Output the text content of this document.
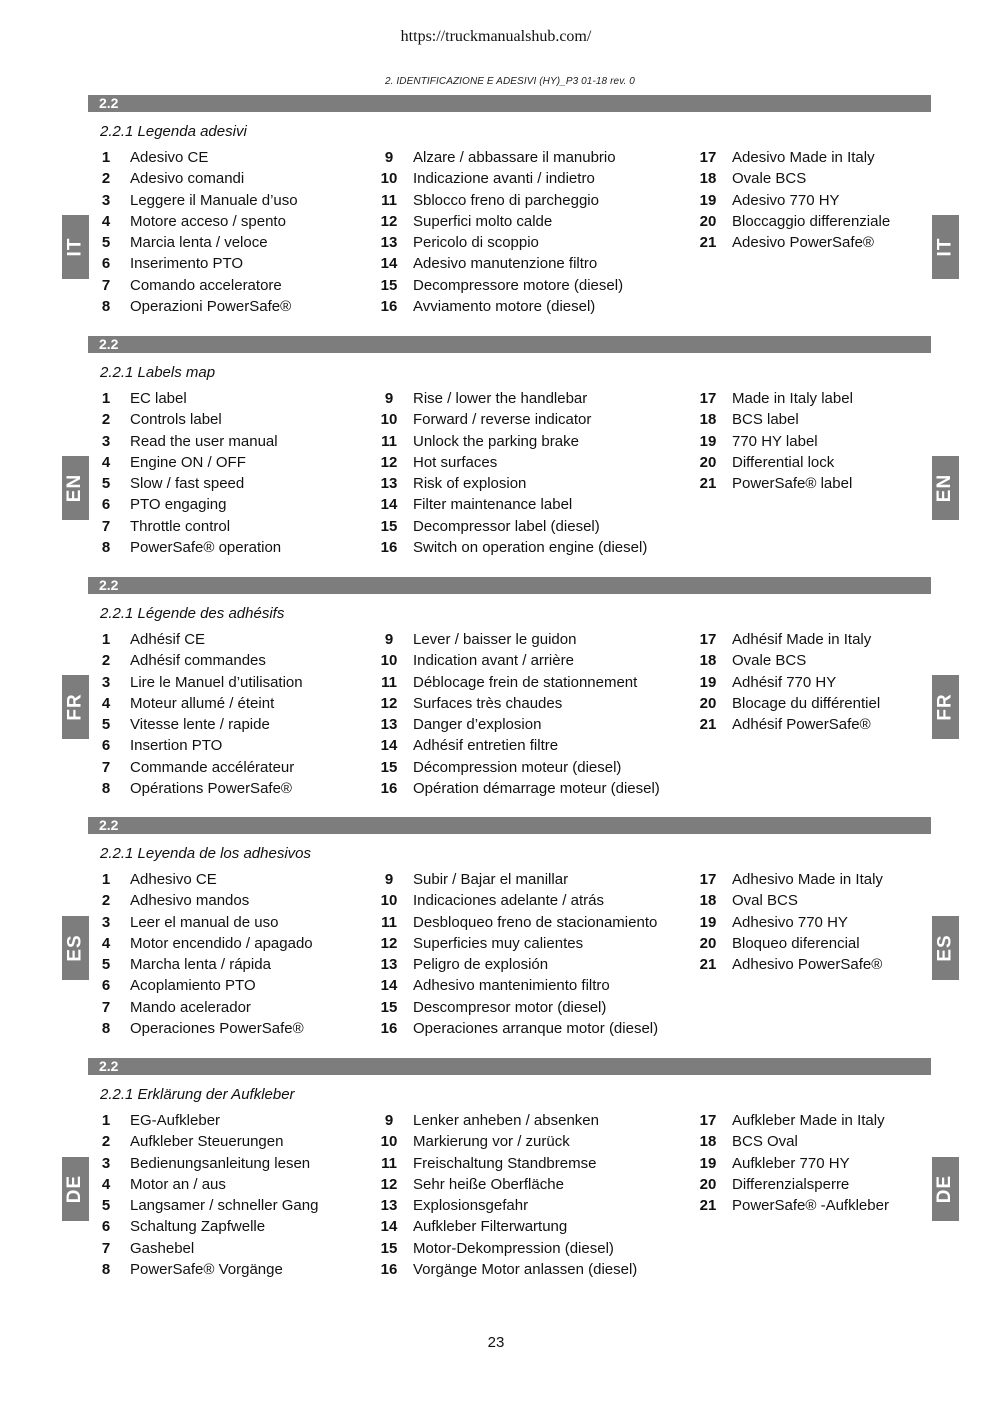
https://truckmanualshub.com/
2. IDENTIFICAZIONE E ADESIVI (HY)_P3 01-18 rev. 0
2.2
2.2.1 Legenda adesivi
1	Adesivo CE
2	Adesivo comandi
3	Leggere il Manuale d’uso
4	Motore acceso / spento
5	Marcia lenta / veloce
6	Inserimento PTO
7	Comando acceleratore
8	Operazioni PowerSafe®
9	Alzare / abbassare il manubrio
10	Indicazione avanti / indietro
11	Sblocco freno di parcheggio
12	Superfici molto calde
13	Pericolo di scoppio
14	Adesivo manutenzione filtro
15	Decompressore motore (diesel)
16	Avviamento motore (diesel)
17	Adesivo Made in Italy
18	Ovale BCS
19	Adesivo 770 HY
20	Bloccaggio differenziale
21	Adesivo PowerSafe®
IT	IT
2.2
2.2.1 Labels map
1	EC label
2	Controls label
3	Read the user manual
4	Engine ON / OFF
5	Slow / fast speed
6	PTO engaging
7	Throttle control
8	PowerSafe® operation
9	Rise / lower the handlebar
10	Forward / reverse indicator
11	Unlock the parking brake
12	Hot surfaces
13	Risk of explosion
14	Filter maintenance label
15	Decompressor label (diesel)
16	Switch on operation engine (diesel)
17	Made in Italy label
18	BCS label
19	770 HY label
20	Differential lock
21	PowerSafe® label
EN	EN
2.2
2.2.1 Légende des adhésifs
1	Adhésif CE
2	Adhésif commandes
3	Lire le Manuel d’utilisation
4	Moteur allumé / éteint
5	Vitesse lente / rapide
6	Insertion PTO
7	Commande accélérateur
8	Opérations PowerSafe®
9	Lever / baisser le guidon
10	Indication avant / arrière
11	Déblocage frein de stationnement
12	Surfaces très chaudes
13	Danger d’explosion
14	Adhésif entretien filtre
15	Décompression moteur (diesel)
16	Opération démarrage moteur (diesel)
17	Adhésif Made in Italy
18	Ovale BCS
19	Adhésif 770 HY
20	Blocage du différentiel
21	Adhésif PowerSafe®
FR	FR
2.2
2.2.1 Leyenda de los adhesivos
1	Adhesivo CE
2	Adhesivo mandos
3	Leer el manual de uso
4	Motor encendido / apagado
5	Marcha lenta / rápida
6	Acoplamiento PTO
7	Mando acelerador
8	Operaciones PowerSafe®
9	Subir / Bajar el manillar
10	Indicaciones adelante / atrás
11	Desbloqueo freno de stacionamiento
12	Superficies muy calientes
13	Peligro de explosión
14	Adhesivo mantenimiento filtro
15	Descompresor motor (diesel)
16	Operaciones arranque motor (diesel)
17	Adhesivo Made in Italy
18	Oval BCS
19	Adhesivo 770 HY
20	Bloqueo diferencial
21	Adhesivo PowerSafe®
ES	ES
2.2
2.2.1 Erklärung der Aufkleber
1	EG-Aufkleber
2	Aufkleber Steuerungen
3	Bedienungsanleitung lesen
4	Motor an / aus
5	Langsamer / schneller Gang
6	Schaltung Zapfwelle
7	Gashebel
8	PowerSafe® Vorgänge
9	Lenker anheben / absenken
10	Markierung vor / zurück
11	Freischaltung Standbremse
12	Sehr heiße Oberfläche
13	Explosionsgefahr
14	Aufkleber Filterwartung
15	Motor-Dekompression (diesel)
16	Vorgänge Motor anlassen (diesel)
17	Aufkleber Made in Italy
18	BCS Oval
19	Aufkleber 770 HY
20	Differenzialsperre
21	PowerSafe® -Aufkleber
DE	DE
23
